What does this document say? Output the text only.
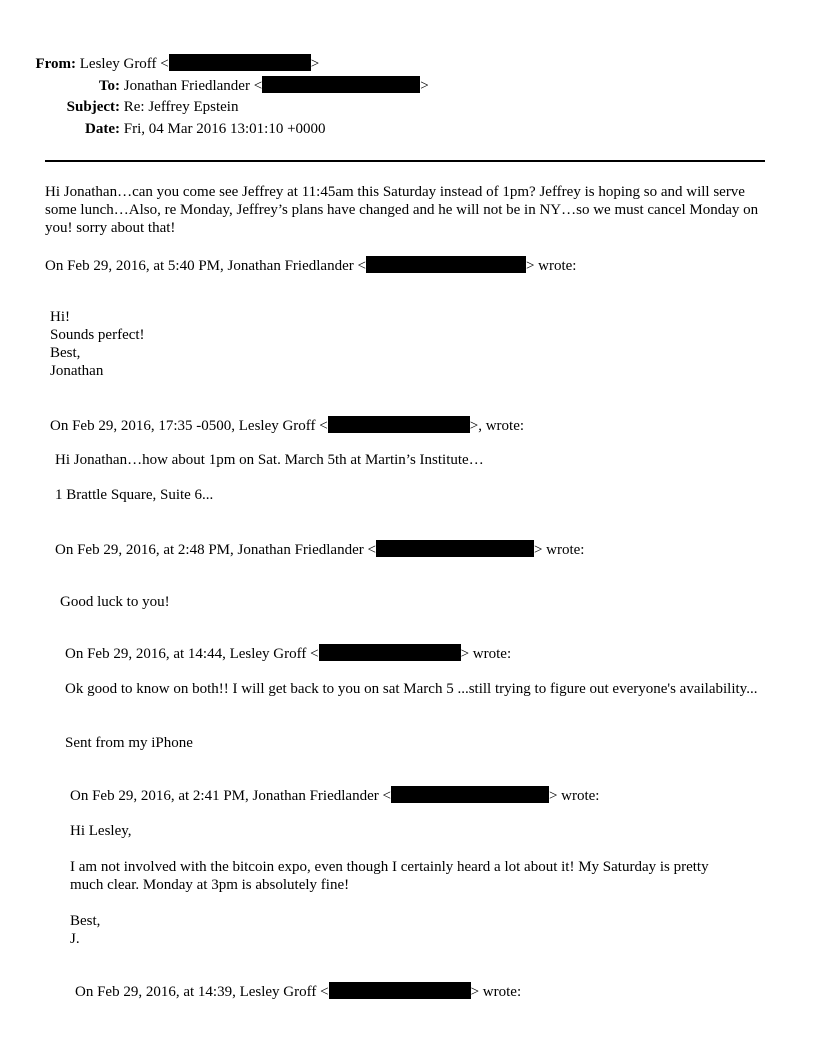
From: Lesley Groff <	>
To: Jonathan Friedlander <	>
Subject: Re: Jeffrey Epstein
Date: Fri, 04 Mar 2016 13:01:10 +0000
Hi Jonathan…can you come see Jeffrey at 11:45am this Saturday instead of 1pm? Jeffrey is hoping so and will serve some lunch…Also, re Monday, Jeffrey’s plans have changed and he will not be in NY…so we must cancel Monday on you! sorry about that!
On Feb 29, 2016, at 5:40 PM, Jonathan Friedlander <	> wrote:
Hi!
Sounds perfect!
Best,
Jonathan
On Feb 29, 2016, 17:35 -0500, Lesley Groff <	>, wrote:
Hi Jonathan…how about 1pm on Sat. March 5th at Martin’s Institute…
1 Brattle Square, Suite 6...
On Feb 29, 2016, at 2:48 PM, Jonathan Friedlander <	> wrote:
Good luck to you!
On Feb 29, 2016, at 14:44, Lesley Groff <	> wrote:
Ok good to know on both!! I will get back to you on sat March 5 ...still trying to figure out everyone's availability...
Sent from my iPhone
On Feb 29, 2016, at 2:41 PM, Jonathan Friedlander <	> wrote:
Hi Lesley,
I am not involved with the bitcoin expo, even though I certainly heard a lot about it! My Saturday is pretty much clear. Monday at 3pm is absolutely fine!
Best,
J.
On Feb 29, 2016, at 14:39, Lesley Groff <	> wrote:
